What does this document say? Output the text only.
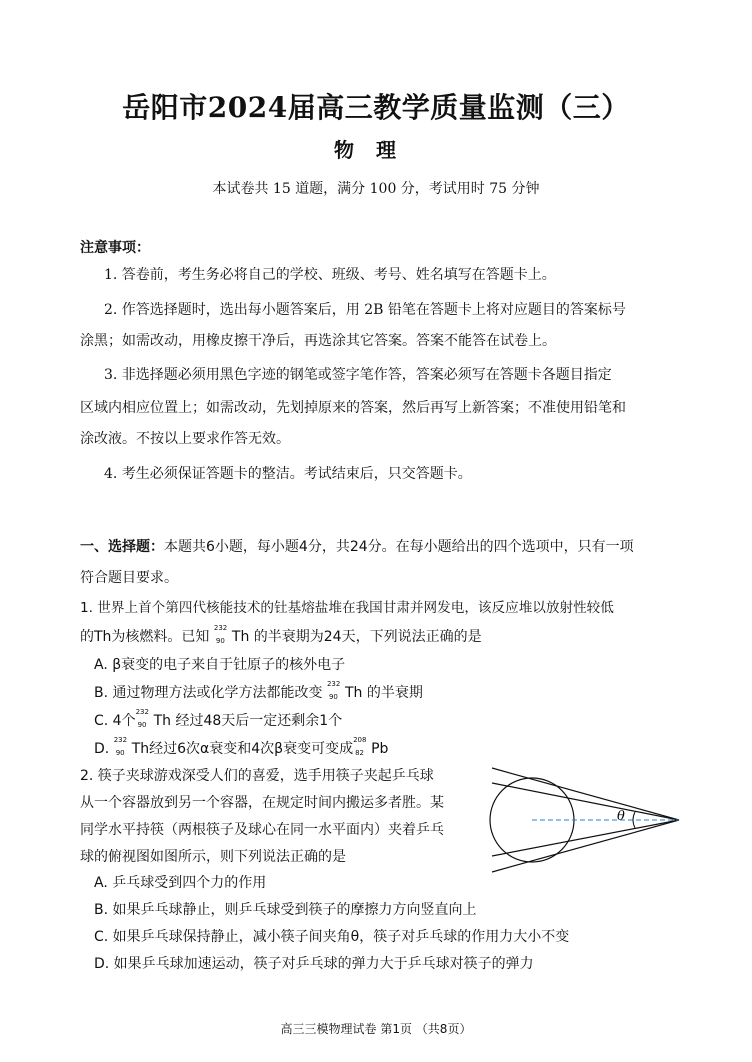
岳阳市2024届高三教学质量监测（三）
物理
本试卷共 15 道题，满分 100 分，考试用时 75 分钟
注意事项：
1. 答卷前，考生务必将自己的学校、班级、考号、姓名填写在答题卡上。
2. 作答选择题时，选出每小题答案后，用 2B 铅笔在答题卡上将对应题目的答案标号
涂黑；如需改动，用橡皮擦干净后，再选涂其它答案。答案不能答在试卷上。
3. 非选择题必须用黑色字迹的钢笔或签字笔作答，答案必须写在答题卡各题目指定
区域内相应位置上；如需改动，先划掉原来的答案，然后再写上新答案；不准使用铅笔和
涂改液。不按以上要求作答无效。
4. 考生必须保证答题卡的整洁。考试结束后，只交答题卡。
一、选择题：本题共6小题，每小题4分，共24分。在每小题给出的四个选项中，只有一项
符合题目要求。
1. 世界上首个第四代核能技术的钍基熔盐堆在我国甘肃并网发电，该反应堆以放射性较低
的Th为核燃料。已知
232
90 Th 的半衰期为24天，下列说法正确的是
A. β衰变的电子来自于钍原子的核外电子
B. 通过物理方法或化学方法都能改变
232
90 Th 的半衰期
C. 4个
232
90 Th 经过48天后一定还剩余1个
D.
232
90 Th经过6次α衰变和4次β衰变可变成
208
82 Pb
2. 筷子夹球游戏深受人们的喜爱，选手用筷子夹起乒乓球
从一个容器放到另一个容器，在规定时间内搬运多者胜。某
同学水平持筷（两根筷子及球心在同一水平面内）夹着乒乓
球的俯视图如图所示，则下列说法正确的是
θ
A. 乒乓球受到四个力的作用
B. 如果乒乓球静止，则乒乓球受到筷子的摩擦力方向竖直向上
C. 如果乒乓球保持静止，减小筷子间夹角θ，筷子对乒乓球的作用力大小不变
D. 如果乒乓球加速运动，筷子对乒乓球的弹力大于乒乓球对筷子的弹力
高三三模物理试卷 第1页 （共8页）
